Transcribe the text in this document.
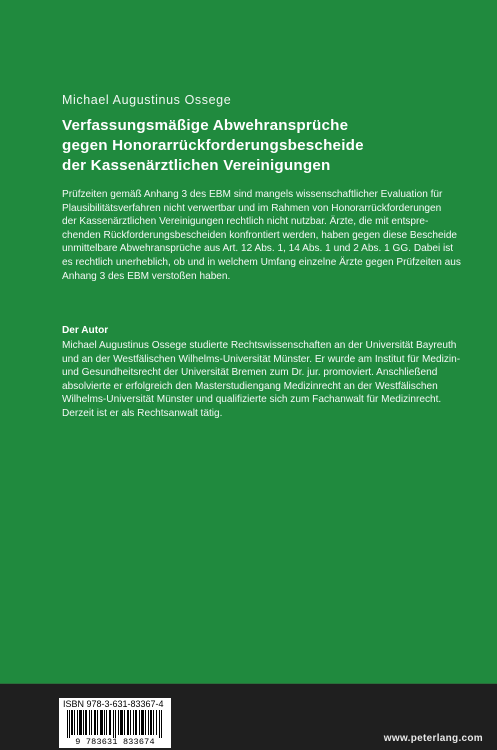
Michael Augustinus Ossege
Verfassungsmäßige Abwehransprüche
gegen Honorarrückforderungsbescheide
der Kassenärztlichen Vereinigungen
Prüfzeiten gemäß Anhang 3 des EBM sind mangels wissenschaftlicher Evaluation für
Plausibilitätsverfahren nicht verwertbar und im Rahmen von Honorarrückforderungen
der Kassenärztlichen Vereinigungen rechtlich nicht nutzbar. Ärzte, die mit entspre-
chenden Rückforderungsbescheiden konfrontiert werden, haben gegen diese Bescheide
unmittelbare Abwehransprüche aus Art. 12 Abs. 1, 14 Abs. 1 und 2 Abs. 1 GG. Dabei ist
es rechtlich unerheblich, ob und in welchem Umfang einzelne Ärzte gegen Prüfzeiten aus
Anhang 3 des EBM verstoßen haben.
Der Autor
Michael Augustinus Ossege studierte Rechtswissenschaften an der Universität Bayreuth
und an der Westfälischen Wilhelms-Universität Münster. Er wurde am Institut für Medizin-
und Gesundheitsrecht der Universität Bremen zum Dr. jur. promoviert. Anschließend
absolvierte er erfolgreich den Masterstudiengang Medizinrecht an der Westfälischen
Wilhelms-Universität Münster und qualifizierte sich zum Fachanwalt für Medizinrecht.
Derzeit ist er als Rechtsanwalt tätig.
ISBN 978-3-631-83367-4
9 783631 833674	www.peterlang.com
